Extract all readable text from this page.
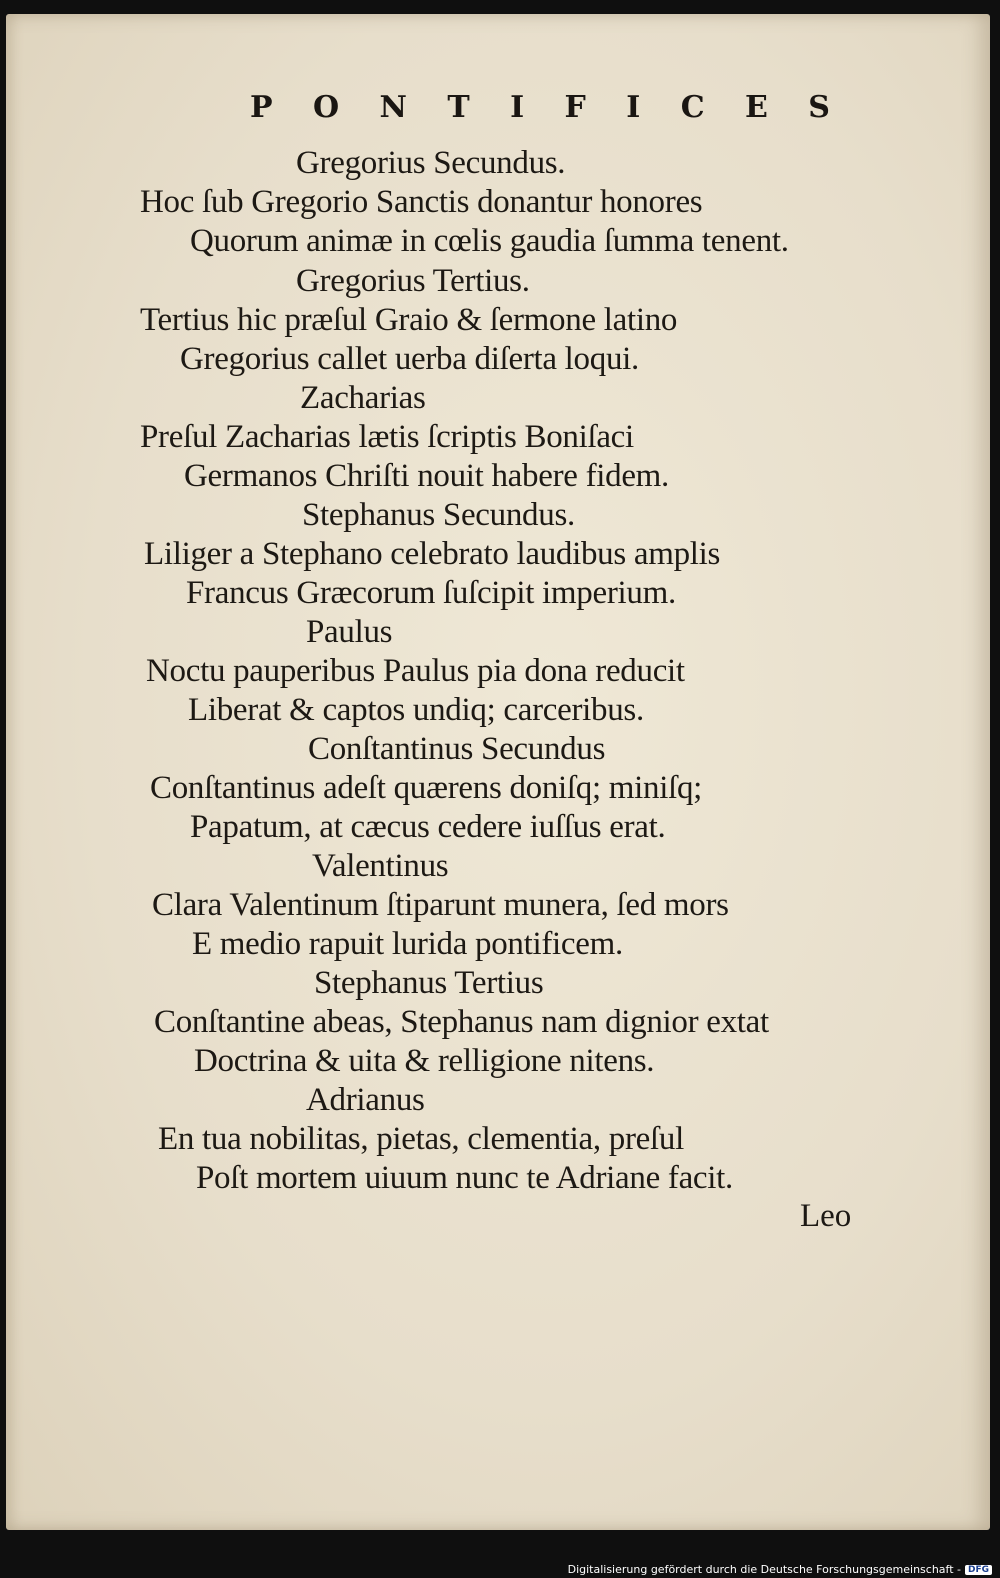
P O N T I F I C E S
Gregorius Secundus.
Hoc ſub Gregorio Sanctis donantur honores
Quorum animæ in cœlis gaudia ſumma tenent.
Gregorius Tertius.
Tertius hic præſul Graio & ſermone latino
Gregorius callet uerba diſerta loqui.
Zacharias
Preſul Zacharias lætis ſcriptis Boniſaci
Germanos Chriſti nouit habere fidem.
Stephanus Secundus.
Liliger a Stephano celebrato laudibus amplis
Francus Græcorum ſuſcipit imperium.
Paulus
Noctu pauperibus Paulus pia dona reducit
Liberat & captos undiq; carceribus.
Conſtantinus Secundus
Conſtantinus adeſt quærens doniſq; miniſq;
Papatum, at cæcus cedere iuſſus erat.
Valentinus
Clara Valentinum ſtiparunt munera, ſed mors
E medio rapuit lurida pontificem.
Stephanus Tertius
Conſtantine abeas, Stephanus nam dignior extat
Doctrina & uita & relligione nitens.
Adrianus
En tua nobilitas, pietas, clementia, preſul
Poſt mortem uiuum nunc te Adriane facit.
Leo
Digitalisierung gefördert durch die Deutsche Forschungsgemeinschaft - DFG
